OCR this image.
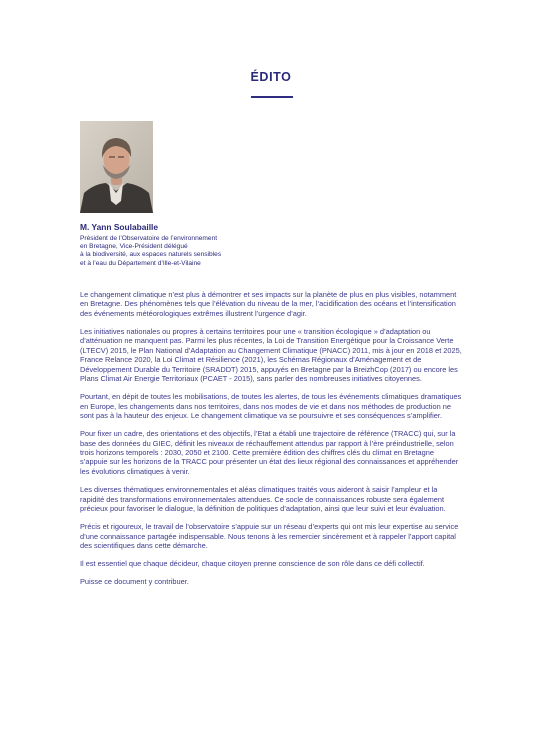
ÉDITO
M. Yann Soulabaille
Président de l’Observatoire de l’environnement
en Bretagne, Vice-Président délégué
à la biodiversité, aux espaces naturels sensibles
et à l’eau du Département d’Ille-et-Vilaine

Le changement climatique n’est plus à démontrer et ses impacts sur la planète de plus en plus visibles, notamment en Bretagne. Des phénomènes tels que l’élévation du niveau de la mer, l’acidification des océans et l’intensification des événements météorologiques extrêmes illustrent l’urgence d’agir.

Les initiatives nationales ou propres à certains territoires pour une « transition écologique » d’adaptation ou d’atténuation ne manquent pas. Parmi les plus récentes, la Loi de Transition Energétique pour la Croissance Verte (LTECV) 2015, le Plan National d’Adaptation au Changement Climatique (PNACC) 2011, mis à jour en 2018 et 2025, France Relance 2020, la Loi Climat et Résilience (2021), les Schémas Régionaux d’Aménagement et de Développement Durable du Territoire (SRADDT) 2015, appuyés en Bretagne par la BreizhCop (2017) ou encore les Plans Climat Air Energie Territoriaux (PCAET - 2015), sans parler des nombreuses initiatives citoyennes.

Pourtant, en dépit de toutes les mobilisations, de toutes les alertes, de tous les événements climatiques dramatiques en Europe, les changements dans nos territoires, dans nos modes de vie et dans nos méthodes de production ne sont pas à la hauteur des enjeux. Le changement climatique va se poursuivre et ses conséquences s’amplifier.

Pour fixer un cadre, des orientations et des objectifs, l’Etat a établi une trajectoire de référence (TRACC) qui, sur la base des données du GIEC, définit les niveaux de réchauffement attendus par rapport à l’ère préindustrielle, selon trois horizons temporels : 2030, 2050 et 2100. Cette première édition des chiffres clés du climat en Bretagne s’appuie sur les horizons de la TRACC pour présenter un état des lieux régional des connaissances et appréhender les évolutions climatiques à venir.

Les diverses thématiques environnementales et aléas climatiques traités vous aideront à saisir l’ampleur et la rapidité des transformations environnementales attendues. Ce socle de connaissances robuste sera également précieux pour favoriser le dialogue, la définition de politiques d’adaptation, ainsi que leur suivi et leur évaluation.

Précis et rigoureux, le travail de l’observatoire s’appuie sur un réseau d’experts qui ont mis leur expertise au service d’une connaissance partagée indispensable. Nous tenons à les remercier sincèrement et à rappeler l’apport capital des scientifiques dans cette démarche.

Il est essentiel que chaque décideur, chaque citoyen prenne conscience de son rôle dans ce défi collectif.

Puisse ce document y contribuer.
